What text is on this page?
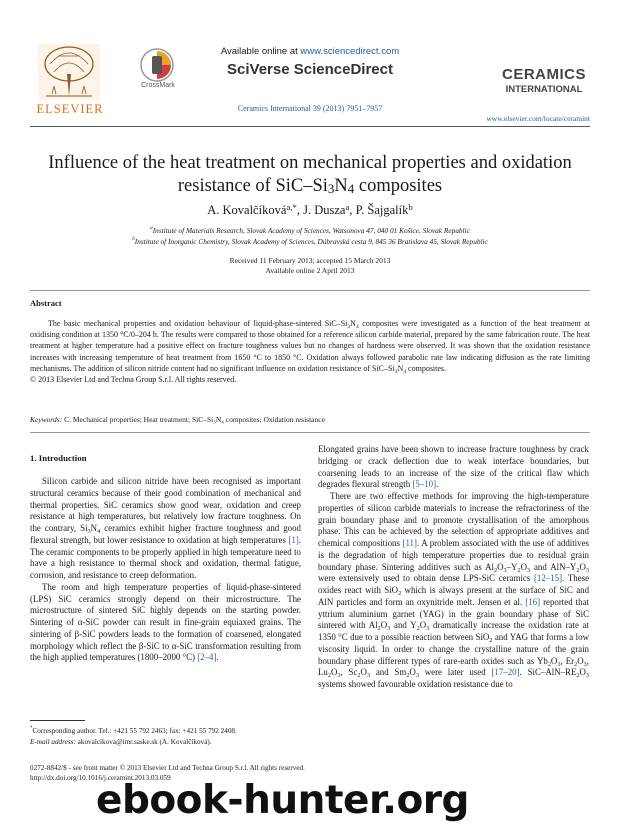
ELSEVIER
CrossMark
Available online at www.sciencedirect.com
SciVerse ScienceDirect
Ceramics International 39 (2013) 7951–7957
CERAMICS
INTERNATIONAL
www.elsevier.com/locate/ceramint
Influence of the heat treatment on mechanical properties and oxidation
resistance of SiC–$Si_3N_4$ composites
A. Kovalčíková$^{a,*}$, J. Dusza$^a$, P. Šajgalík$^b$
$^a$Institute of Materials Research, Slovak Academy of Sciences, Watsonova 47, 040 01 Košice, Slovak Republic
$^b$Institute of Inorganic Chemistry, Slovak Academy of Sciences, Dúbravská cesta 9, 845 36 Bratislava 45, Slovak Republic
Received 11 February 2013; accepted 15 March 2013
Available online 2 April 2013
Abstract

The basic mechanical properties and oxidation behaviour of liquid-phase-sintered SiC–$Si_3N_4$ composites were investigated as a function of the heat treatment at oxidising condition at 1350 °C/0–204 h. The results were compared to those obtained for a reference silicon carbide material, prepared by the same fabrication route. The heat treatment at higher temperature had a positive effect on fracture toughness values but no changes of hardness were observed. It was shown that the oxidation resistance increases with increasing temperature of heat treatment from 1650 °C to 1850 °C. Oxidation always followed parabolic rate law indicating diffusion as the rate limiting mechanisms. The addition of silicon nitride content had no significant influence on oxidation resistance of SiC–$Si_3N_4$ composites.

© 2013 Elsevier Ltd and Techna Group S.r.l. All rights reserved.
Keywords: C. Mechanical properties; Heat treatment; SiC–Si₃N₄ composites; Oxidation resistance
1. Introduction

Silicon carbide and silicon nitride have been recognised as important structural ceramics because of their good combination of mechanical and thermal properties. SiC ceramics show good wear, oxidation and creep resistance at high temperatures, but relatively low fracture toughness. On the contrary, $Si_3N_4$ ceramics exhibit higher fracture toughness and good flexural strength, but lower resistance to oxidation at high temperatures [1]. The ceramic components to be properly applied in high temperature need to have a high resistance to thermal shock and oxidation, thermal fatigue, corrosion, and resistance to creep deformation.

The room and high temperature properties of liquid-phase-sintered (LPS) SiC ceramics strongly depend on their microstructure. The microstructure of sintered SiC highly depends on the starting powder. Sintering of α-SiC powder can result in fine-grain equiaxed grains. The sintering of β-SiC powders leads to the formation of coarsened, elongated morphology which reflect the β-SiC to α-SiC transformation resulting from the high applied temperatures (1800–2000 °C) [2–4].

Elongated grains have been shown to increase fracture toughness by crack bridging or crack deflection due to weak interface boundaries, but coarsening leads to an increase of the size of the critical flaw which degrades flexural strength [5–10].

There are two effective methods for improving the high-temperature properties of silicon carbide materials to increase the refractoriness of the grain boundary phase and to promote crystallisation of the amorphous phase. This can be achieved by the selection of appropriate additives and chemical compositions [11]. A problem associated with the use of additives is the degradation of high temperature properties due to residual grain boundary phase. Sintering additives such as $Al_2O_3-Y_2O_3$ and AlN–$Y_2O_3$ were extensively used to obtain dense LPS-SiC ceramics [12–15]. These oxides react with SiO$_2$ which is always present at the surface of SiC and AlN particles and form an oxynitride melt. Jensen et al. [16] reported that yttrium aluminium garnet (YAG) in the grain boundary phase of SiC sintered with $Al_2O_3$ and $Y_2O_3$ dramatically increase the oxidation rate at 1350 °C due to a possible reaction between SiO$_2$ and YAG that forms a low viscosity liquid. In order to change the crystalline nature of the grain boundary phase different types of rare-earth oxides such as $Yb_2O_3$, $Er_2O_3$, $Lu_2O_3$, $Sc_2O_3$ and $Sm_2O_3$ were later used [17–20]. SiC–$AlN-RE_2O_3$ systems showed favourable oxidation resistance due to

*Corresponding author. Tel.: +421 55 792 2463; fax: +421 55 792 2408.
E-mail address: akovalcikova@imr.saske.sk (A. Kovalčíková).
0272-8842/$ - see front matter © 2013 Elsevier Ltd and Techna Group S.r.l. All rights reserved.
http://dx.doi.org/10.1016/j.ceramint.2013.03.059
ebook-hunter.org
